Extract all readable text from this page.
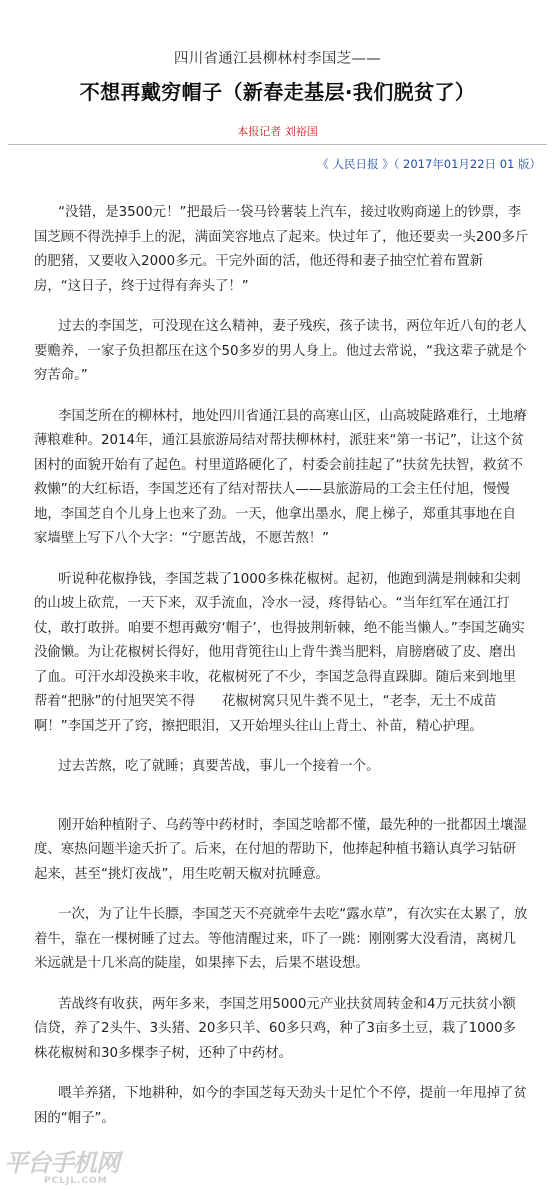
四川省通江县柳林村李国芝——
不想再戴穷帽子（新春走基层·我们脱贫了）
本报记者 刘裕国
《 人民日报 》（ 2017年01月22日 01 版）

“没错，是3500元！”把最后一袋马铃薯装上汽车，接过收购商递上的钞票，李国芝顾不得洗掉手上的泥，满面笑容地点了起来。快过年了，他还要卖一头200多斤的肥猪，又要收入2000多元。干完外面的活，他还得和妻子抽空忙着布置新房，“这日子，终于过得有奔头了！”

过去的李国芝，可没现在这么精神，妻子残疾，孩子读书，两位年近八旬的老人要赡养，一家子负担都压在这个50多岁的男人身上。他过去常说，“我这辈子就是个穷苦命。”

李国芝所在的柳林村，地处四川省通江县的高寒山区，山高坡陡路难行，土地瘠薄粮难种。2014年，通江县旅游局结对帮扶柳林村，派驻来“第一书记”，让这个贫困村的面貌开始有了起色。村里道路硬化了，村委会前挂起了“扶贫先扶智，救贫不救懒”的大红标语，李国芝还有了结对帮扶人——县旅游局的工会主任付旭，慢慢地，李国芝自个儿身上也来了劲。一天，他拿出墨水，爬上梯子，郑重其事地在自家墙壁上写下八个大字：“宁愿苦战，不愿苦熬！”

听说种花椒挣钱，李国芝栽了1000多株花椒树。起初，他跑到满是荆棘和尖刺的山坡上砍荒，一天下来，双手流血，冷水一浸，疼得钻心。“当年红军在通江打仗，敢打敢拼。咱要不想再戴穷‘帽子’，也得披荆斩棘，绝不能当懒人。”李国芝确实没偷懒。为让花椒树长得好，他用背篼往山上背牛粪当肥料，肩膀磨破了皮、磨出了血。可汗水却没换来丰收，花椒树死了不少，李国芝急得直跺脚。随后来到地里帮着“把脉”的付旭哭笑不得　　花椒树窝只见牛粪不见土，“老李，无土不成苗啊！”李国芝开了窍，擦把眼泪，又开始埋头往山上背土、补苗，精心护理。

过去苦熬，吃了就睡；真要苦战，事儿一个接着一个。

刚开始种植附子、乌药等中药材时，李国芝啥都不懂，最先种的一批都因土壤湿度、寒热问题半途夭折了。后来，在付旭的帮助下，他捧起种植书籍认真学习钻研起来，甚至“挑灯夜战”，用生吃朝天椒对抗睡意。

一次，为了让牛长膘，李国芝天不亮就牵牛去吃“露水草”，有次实在太累了，放着牛，靠在一棵树睡了过去。等他清醒过来，吓了一跳：刚刚雾大没看清，离树几米远就是十几米高的陡崖，如果摔下去，后果不堪设想。

苦战终有收获，两年多来，李国芝用5000元产业扶贫周转金和4万元扶贫小额信贷，养了2头牛、3头猪、20多只羊、60多只鸡，种了3亩多土豆，栽了1000多株花椒树和30多棵李子树，还种了中药材。

喂羊养猪，下地耕种，如今的李国芝每天劲头十足忙个不停，提前一年甩掉了贫困的“帽子”。

平台手机网
PCLJL.COM
